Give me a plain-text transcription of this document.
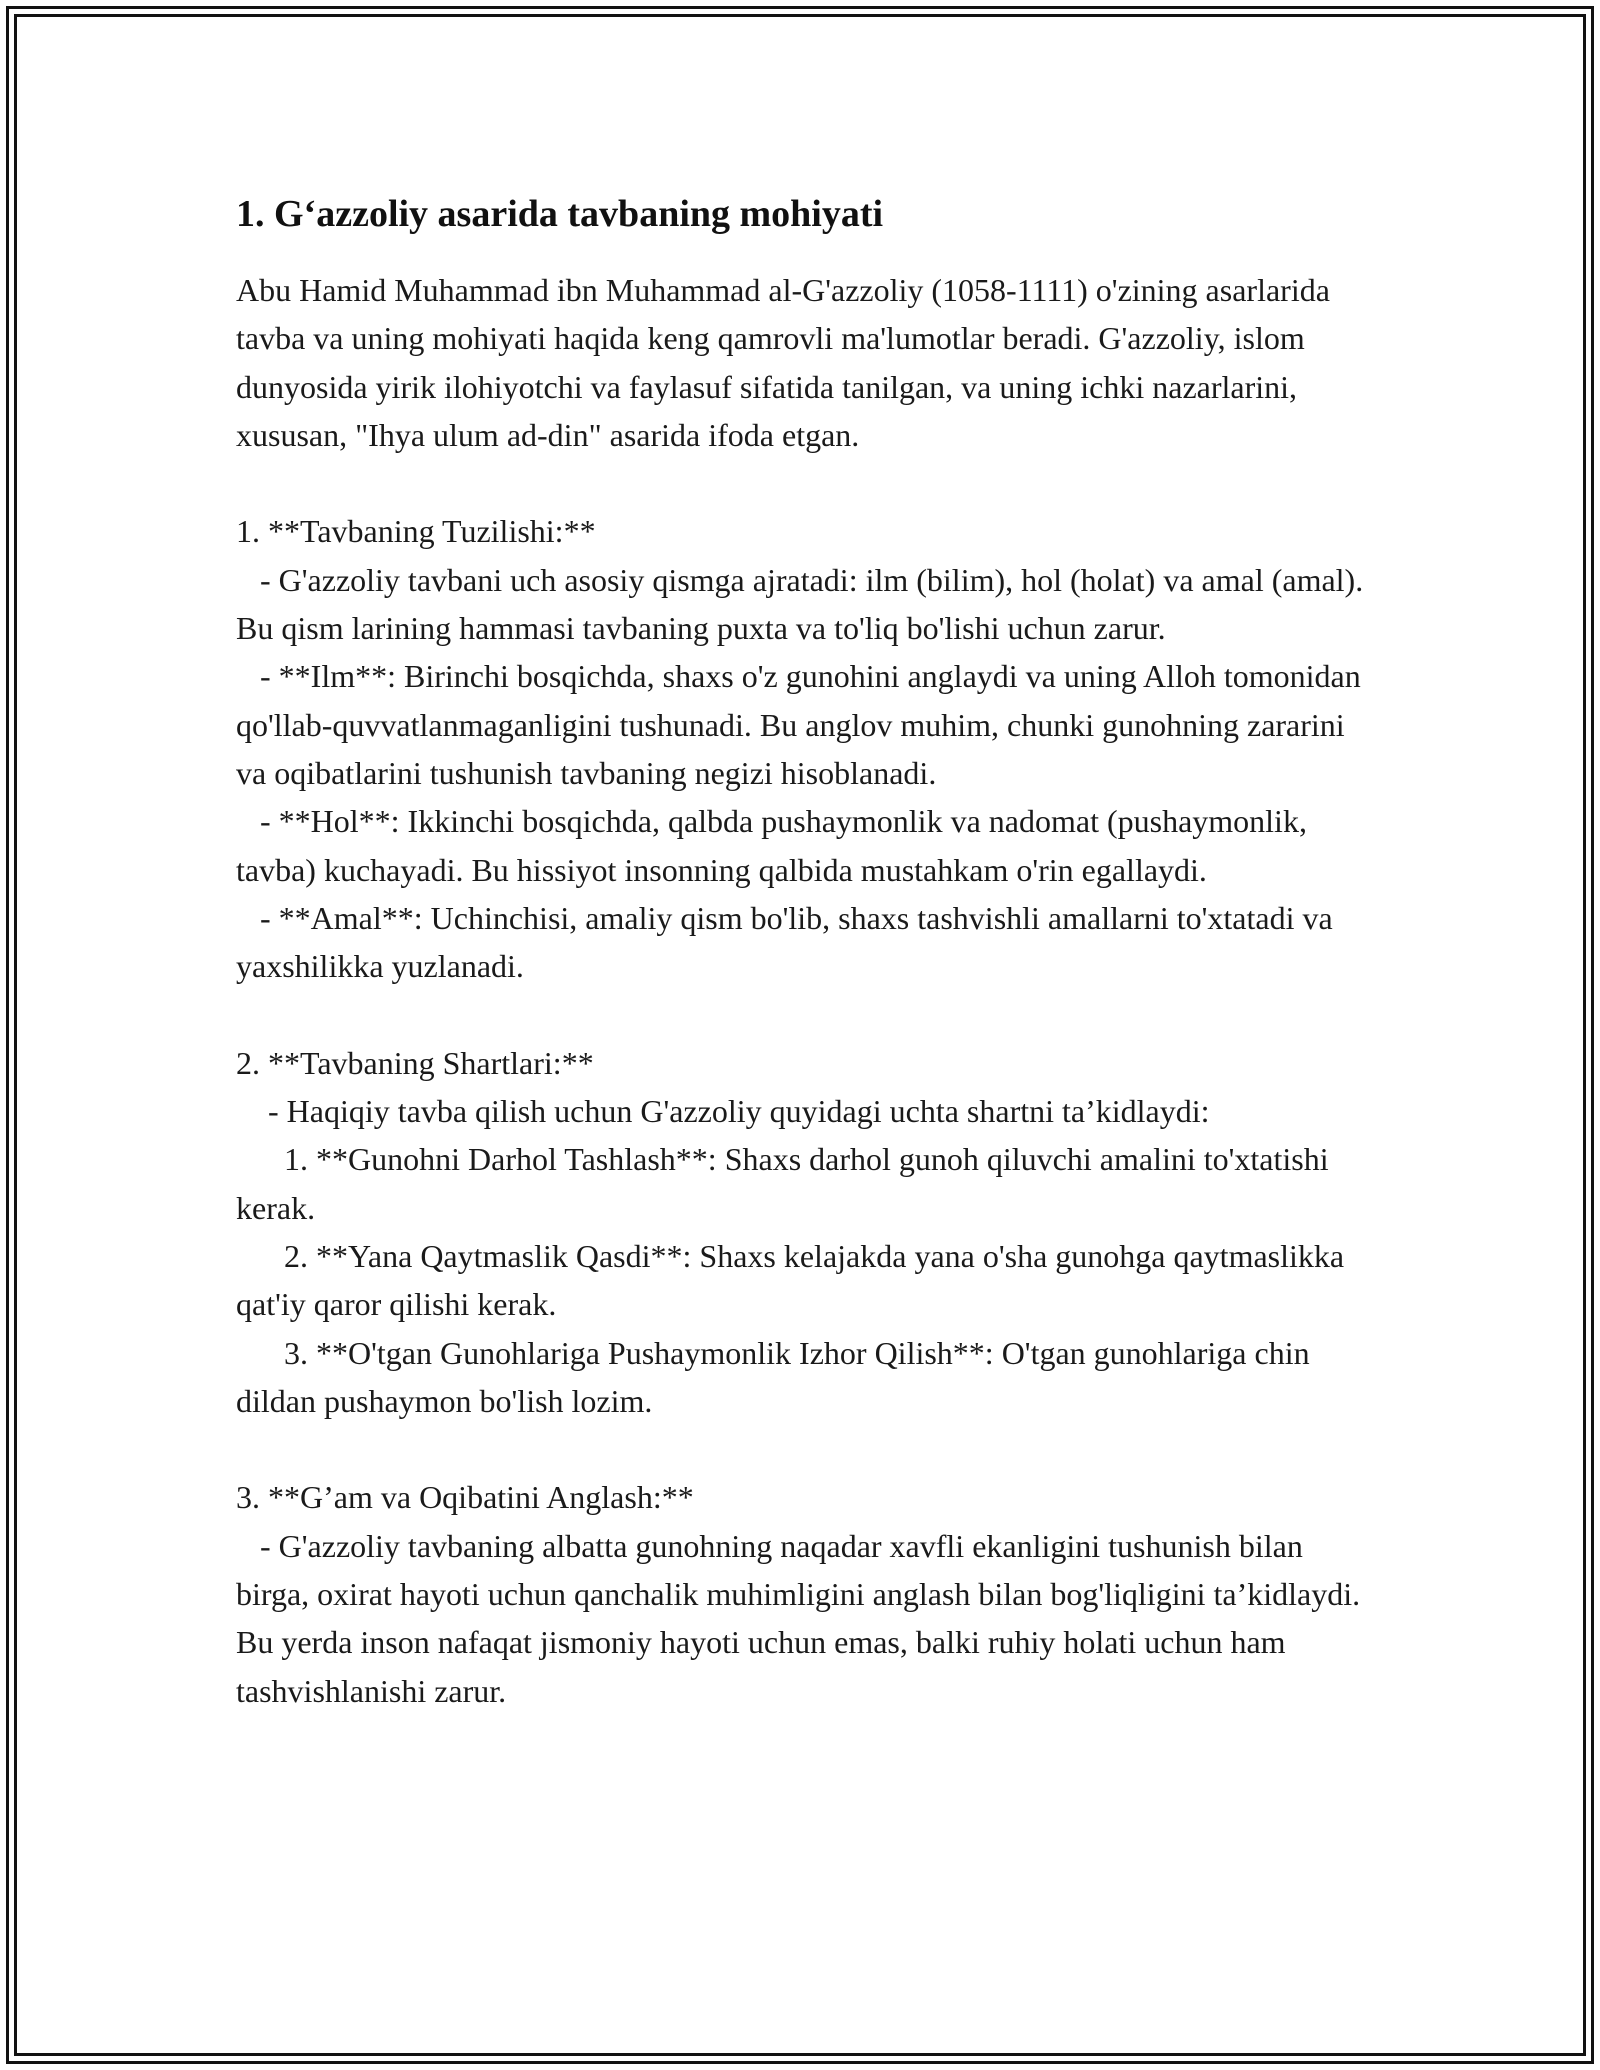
1. G‘azzoliy asarida tavbaning mohiyati

Abu Hamid Muhammad ibn Muhammad al-G'azzoliy (1058-1111) o'zining asarlarida tavba va uning mohiyati haqida keng qamrovli ma'lumotlar beradi. G'azzoliy, islom dunyosida yirik ilohiyotchi va faylasuf sifatida tanilgan, va uning ichki nazarlarini, xususan, "Ihya ulum ad-din" asarida ifoda etgan.

1. **Tavbaning Tuzilishi:**

- G'azzoliy tavbani uch asosiy qismga ajratadi: ilm (bilim), hol (holat) va amal (amal). Bu qism larining hammasi tavbaning puxta va to'liq bo'lishi uchun zarur.

- **Ilm**: Birinchi bosqichda, shaxs o'z gunohini anglaydi va uning Alloh tomonidan qo'llab-quvvatlanmaganligini tushunadi. Bu anglov muhim, chunki gunohning zararini va oqibatlarini tushunish tavbaning negizi hisoblanadi.

- **Hol**: Ikkinchi bosqichda, qalbda pushaymonlik va nadomat (pushaymonlik, tavba) kuchayadi. Bu hissiyot insonning qalbida mustahkam o'rin egallaydi.

- **Amal**: Uchinchisi, amaliy qism bo'lib, shaxs tashvishli amallarni to'xtatadi va yaxshilikka yuzlanadi.

2. **Tavbaning Shartlari:**

- Haqiqiy tavba qilish uchun G'azzoliy quyidagi uchta shartni ta’kidlaydi:

1. **Gunohni Darhol Tashlash**: Shaxs darhol gunoh qiluvchi amalini to'xtatishi kerak.

2. **Yana Qaytmaslik Qasdi**: Shaxs kelajakda yana o'sha gunohga qaytmaslikka qat'iy qaror qilishi kerak.

3. **O'tgan Gunohlariga Pushaymonlik Izhor Qilish**: O'tgan gunohlariga chin dildan pushaymon bo'lish lozim.

3. **G’am va Oqibatini Anglash:**

- G'azzoliy tavbaning albatta gunohning naqadar xavfli ekanligini tushunish bilan birga, oxirat hayoti uchun qanchalik muhimligini anglash bilan bog'liqligini ta’kidlaydi. Bu yerda inson nafaqat jismoniy hayoti uchun emas, balki ruhiy holati uchun ham tashvishlanishi zarur.
